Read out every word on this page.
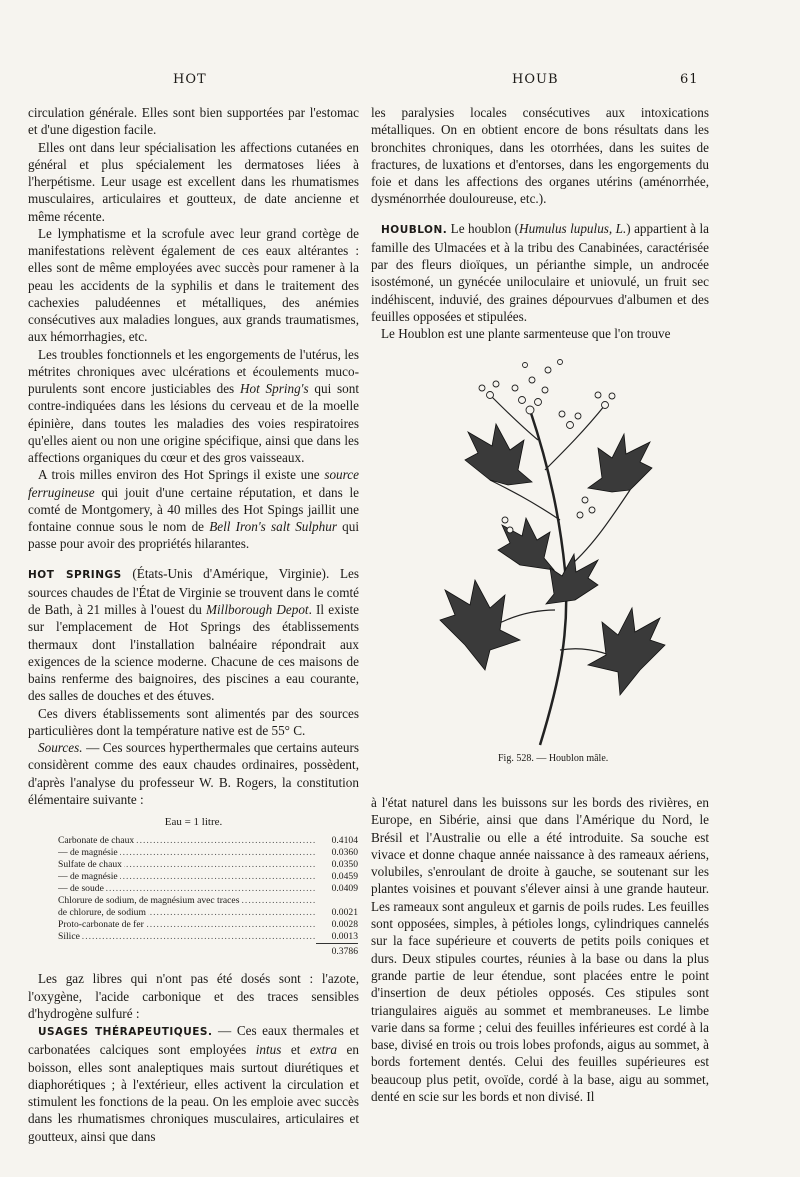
HOT	HOUB	61

circulation générale. Elles sont bien supportées par l'estomac et d'une digestion facile.

Elles ont dans leur spécialisation les affections cutanées en général et plus spécialement les dermatoses liées à l'herpétisme. Leur usage est excellent dans les rhumatismes musculaires, articulaires et goutteux, de date ancienne et même récente.

Le lymphatisme et la scrofule avec leur grand cortège de manifestations relèvent également de ces eaux altérantes : elles sont de même employées avec succès pour ramener à la peau les accidents de la syphilis et dans le traitement des cachexies paludéennes et métalliques, des anémies consécutives aux maladies longues, aux grands traumatismes, aux hémorrhagies, etc.

Les troubles fonctionnels et les engorgements de l'utérus, les métrites chroniques avec ulcérations et écoulements muco-purulents sont encore justiciables des Hot Spring's qui sont contre-indiquées dans les lésions du cerveau et de la moelle épinière, dans toutes les maladies des voies respiratoires qu'elles aient ou non une origine spécifique, ainsi que dans les affections organiques du cœur et des gros vaisseaux.

A trois milles environ des Hot Springs il existe une source ferrugineuse qui jouit d'une certaine réputation, et dans le comté de Montgomery, à 40 milles des Hot Spings jaillit une fontaine connue sous le nom de Bell Iron's salt Sulphur qui passe pour avoir des propriétés hilarantes.

HOT SPRINGS (États-Unis d'Amérique, Virginie). Les sources chaudes de l'État de Virginie se trouvent dans le comté de Bath, à 21 milles à l'ouest du Millborough Depot. Il existe sur l'emplacement de Hot Springs des établissements thermaux dont l'installation balnéaire répondrait aux exigences de la science moderne. Chacune de ces maisons de bains renferme des baignoires, des piscines a eau courante, des salles de douches et des étuves.

Ces divers établissements sont alimentés par des sources particulières dont la température native est de 55° C.

Sources. — Ces sources hyperthermales que certains auteurs considèrent comme des eaux chaudes ordinaires, possèdent, d'après l'analyse du professeur W. B. Rogers, la constitution élémentaire suivante :

Eau = 1 litre.
Carbonate de chaux .....	0.4104
— de magnésie .....	0.0360
Sulfate de chaux .....	0.0350
— de magnésie .....	0.0459
— de soude .....	0.0409
Chlorure de sodium, de magnésium avec traces .....	
de chlorure, de sodium .....	0.0021
Proto-carbonate de fer .....	0.0028
Silice .....	0.0013
	0.3786

Les gaz libres qui n'ont pas été dosés sont : l'azote, l'oxygène, l'acide carbonique et des traces sensibles d'hydrogène sulfuré :

USAGES THÉRAPEUTIQUES. — Ces eaux thermales et carbonatées calciques sont employées intus et extra en boisson, elles sont analeptiques mais surtout diurétiques et diaphorétiques ; à l'extérieur, elles activent la circulation et stimulent les fonctions de la peau. On les emploie avec succès dans les rhumatismes chroniques musculaires, articulaires et goutteux, ainsi que dans

les paralysies locales consécutives aux intoxications métalliques. On en obtient encore de bons résultats dans les bronchites chroniques, dans les otorrhées, dans les suites de fractures, de luxations et d'entorses, dans les engorgements du foie et dans les affections des organes utérins (aménorrhée, dysménorrhée douloureuse, etc.).

HOUBLON. Le houblon (Humulus lupulus, L.) appartient à la famille des Ulmacées et à la tribu des Canabinées, caractérisée par des fleurs dioïques, un périanthe simple, un androcée isostémoné, un gynécée uniloculaire et uniovulé, un fruit sec indéhiscent, induvié, des graines dépourvues d'albumen et des feuilles opposées et stipulées.

Le Houblon est une plante sarmenteuse que l'on trouve

Fig. 528. — Houblon mâle.

à l'état naturel dans les buissons sur les bords des rivières, en Europe, en Sibérie, ainsi que dans l'Amérique du Nord, le Brésil et l'Australie ou elle a été introduite. Sa souche est vivace et donne chaque année naissance à des rameaux aériens, volubiles, s'enroulant de droite à gauche, se soutenant sur les plantes voisines et pouvant s'élever ainsi à une grande hauteur. Les rameaux sont anguleux et garnis de poils rudes. Les feuilles sont opposées, simples, à pétioles longs, cylindriques cannelés sur la face supérieure et couverts de petits poils coniques et durs. Deux stipules courtes, réunies à la base ou dans la plus grande partie de leur étendue, sont placées entre le point d'insertion de deux pétioles opposés. Ces stipules sont triangulaires aiguës au sommet et membraneuses. Le limbe varie dans sa forme ; celui des feuilles inférieures est cordé à la base, divisé en trois ou trois lobes profonds, aigus au sommet, à bords fortement dentés. Celui des feuilles supérieures est beaucoup plus petit, ovoïde, cordé à la base, aigu au sommet, denté en scie sur les bords et non divisé. Il
